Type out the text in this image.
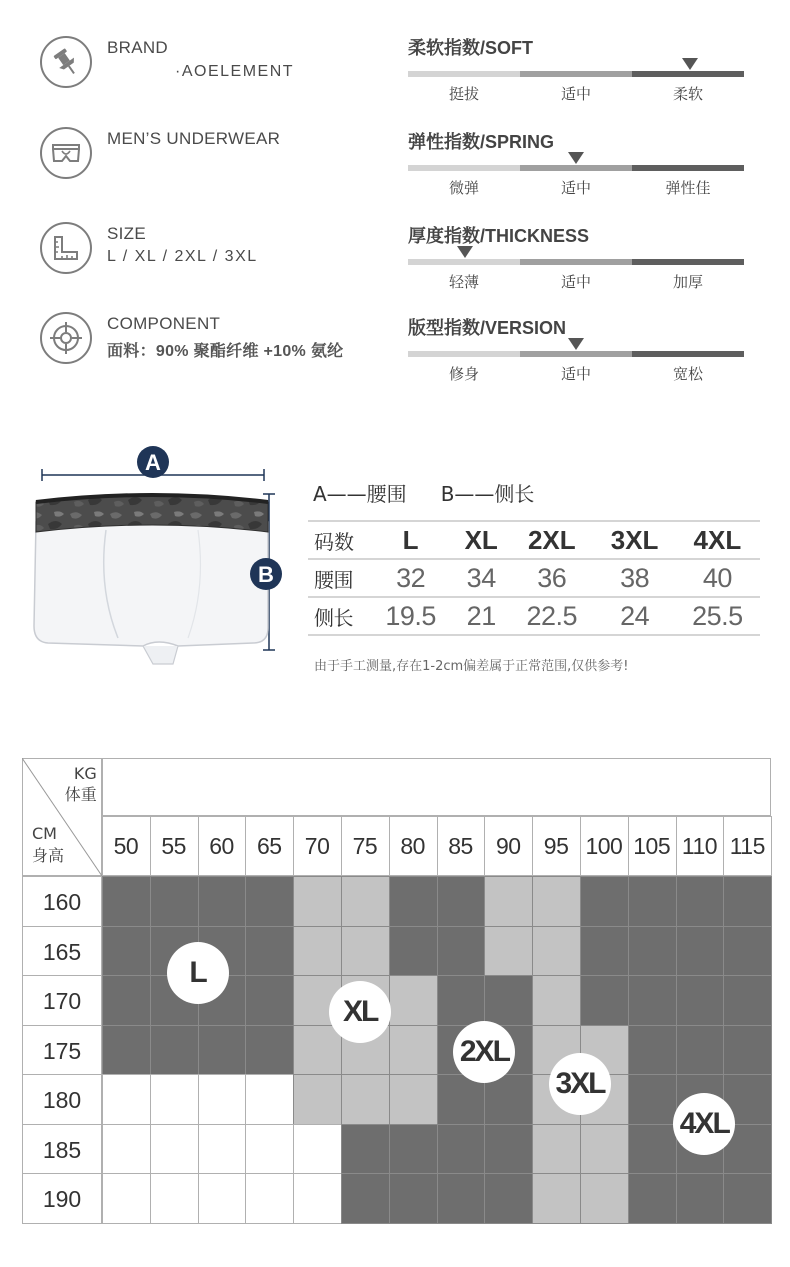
BRAND
·AOELEMENT
MEN’S UNDERWEAR
SIZE
L / XL / 2XL / 3XL
COMPONENT
面料：90% 聚酯纤维 +10% 氨纶
柔软指数/SOFT
挺拔	适中	柔软
弹性指数/SPRING
微弹	适中	弹性佳
厚度指数/THICKNESS
轻薄	适中	加厚
版型指数/VERSION
修身	适中	宽松
A
B
A——腰围 B——侧长
码数	L	XL	2XL	3XL	4XL
腰围	32	34	36	38	40
侧长	19.5	21	22.5	24	25.5
由于手工测量,存在1-2cm偏差属于正常范围,仅供参考!
KG
体重
CM
身高	50	55	60	65	70	75	80	85	90	95 100 105 110 115
160
165
170
175
180
185
190
L
XL
2XL
3XL
4XL
